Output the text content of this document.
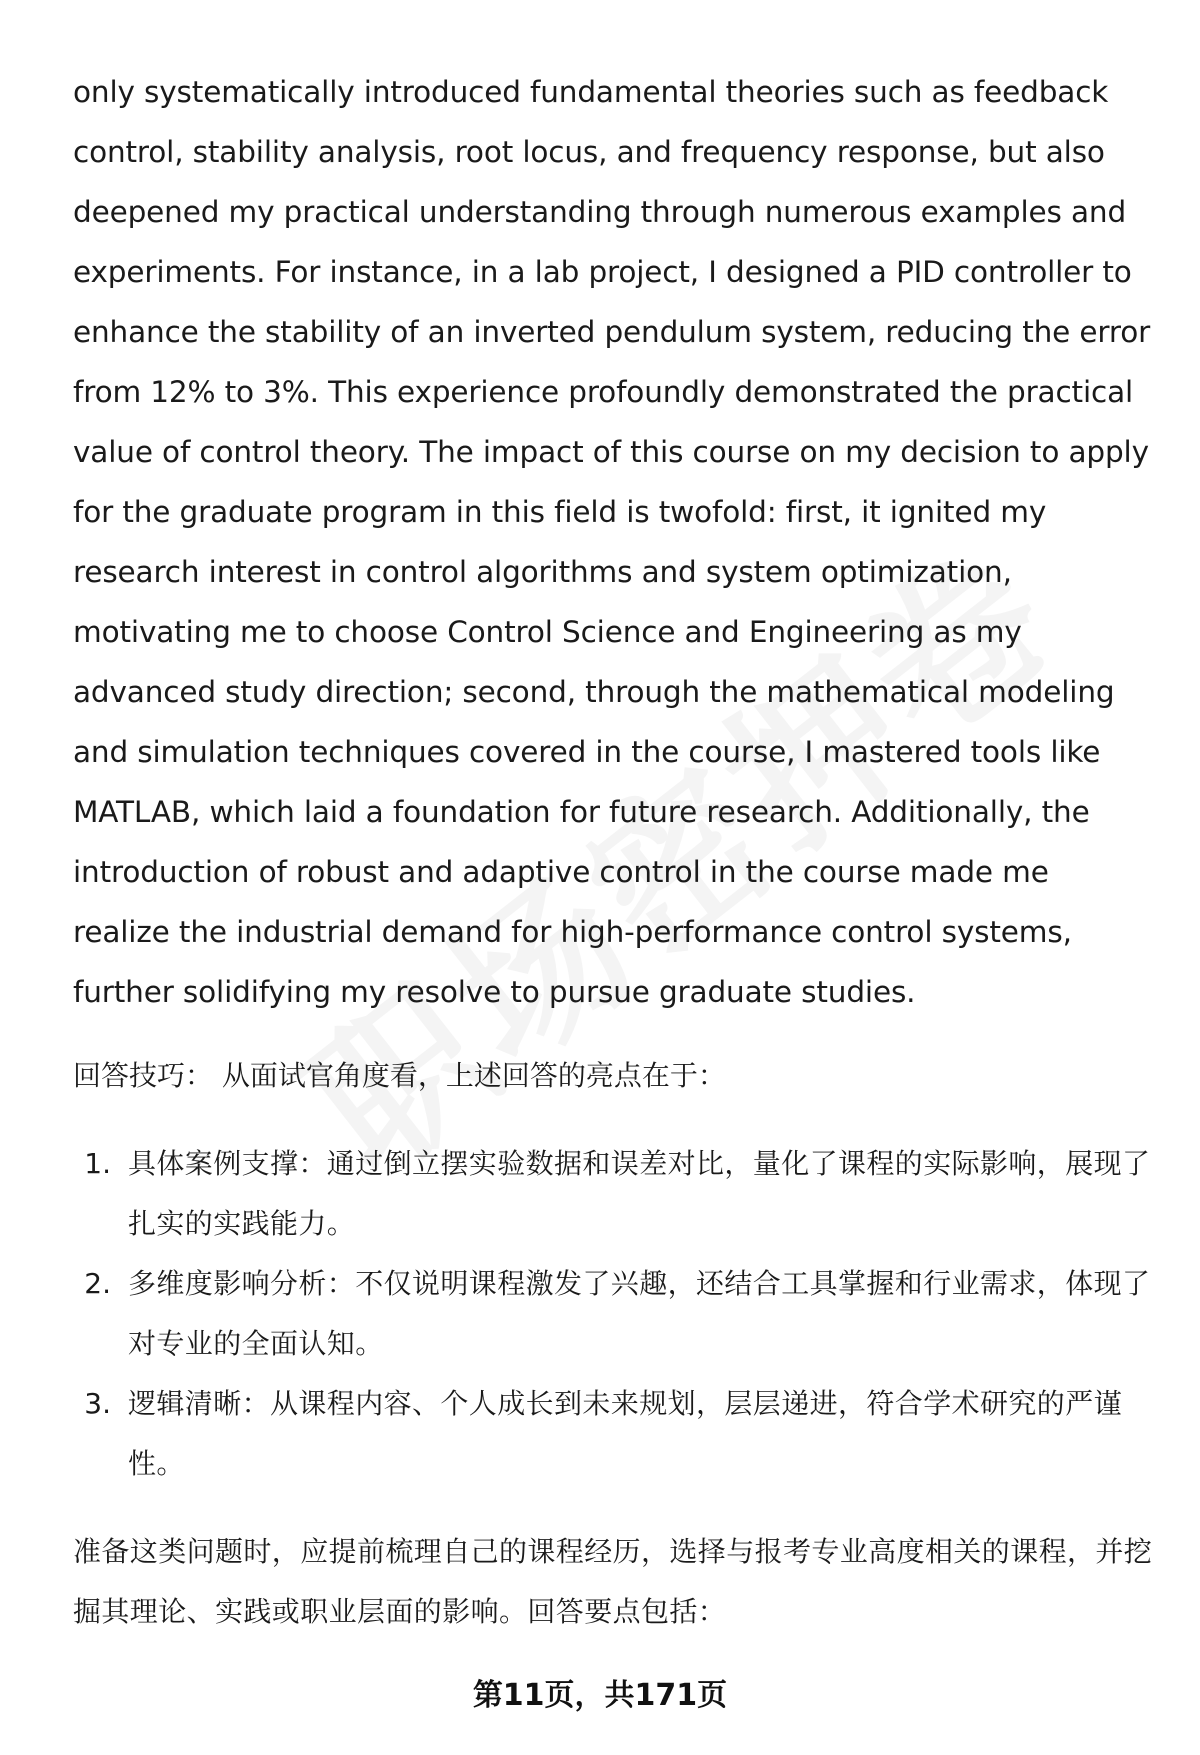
only systematically introduced fundamental theories such as feedback control, stability analysis, root locus, and frequency response, but also deepened my practical understanding through numerous examples and experiments. For instance, in a lab project, I designed a PID controller to enhance the stability of an inverted pendulum system, reducing the error from 12% to 3%. This experience profoundly demonstrated the practical value of control theory. The impact of this course on my decision to apply for the graduate program in this field is twofold: first, it ignited my research interest in control algorithms and system optimization, motivating me to choose Control Science and Engineering as my advanced study direction; second, through the mathematical modeling and simulation techniques covered in the course, I mastered tools like MATLAB, which laid a foundation for future research. Additionally, the introduction of robust and adaptive control in the course made me realize the industrial demand for high-performance control systems, further solidifying my resolve to pursue graduate studies.

回答技巧： 从面试官角度看，上述回答的亮点在于：

1. 具体案例支撑：通过倒立摆实验数据和误差对比，量化了课程的实际影响，展现了扎实的实践能力。
2. 多维度影响分析：不仅说明课程激发了兴趣，还结合工具掌握和行业需求，体现了对专业的全面认知。
3. 逻辑清晰：从课程内容、个人成长到未来规划，层层递进，符合学术研究的严谨性。

准备这类问题时，应提前梳理自己的课程经历，选择与报考专业高度相关的课程，并挖掘其理论、实践或职业层面的影响。回答要点包括：

第11页，共171页
